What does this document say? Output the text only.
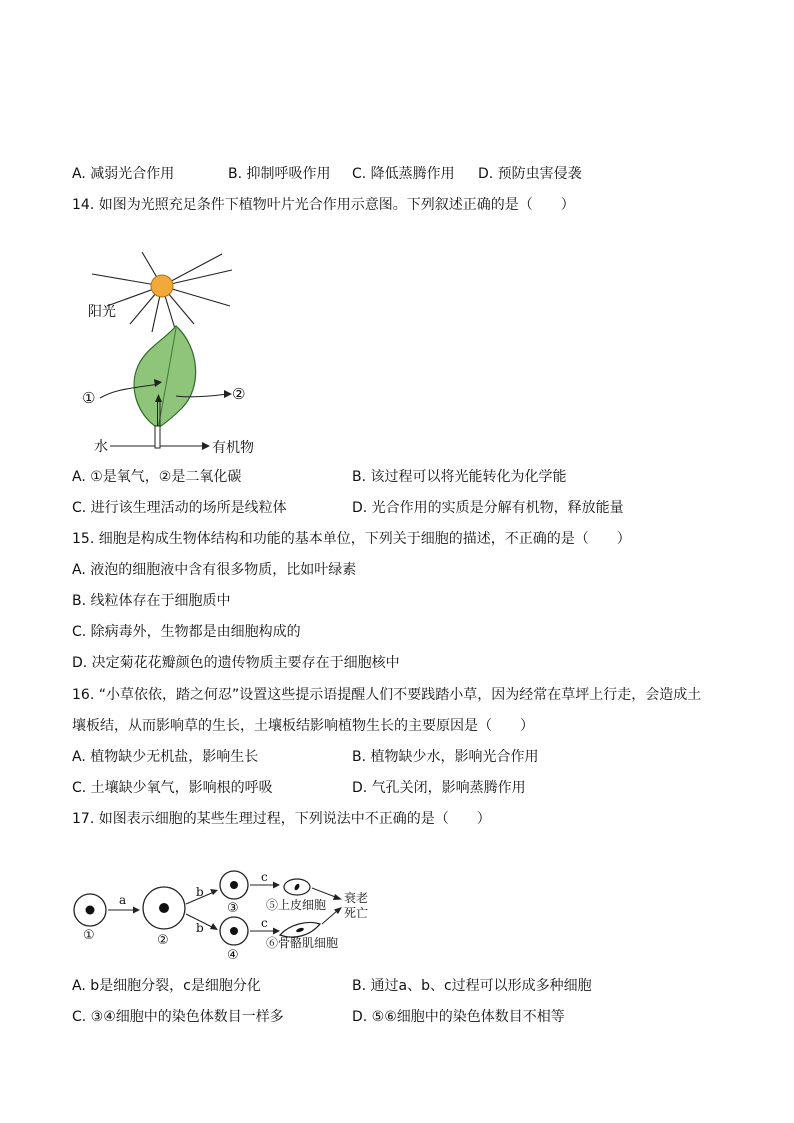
A. 减弱光合作用	B. 抑制呼吸作用 C. 降低蒸腾作用 D. 预防虫害侵袭
14. 如图为光照充足条件下植物叶片光合作用示意图。下列叙述正确的是（　　）
阳光
①	②
水	有机物
A. ①是氧气，②是二氧化碳	B. 该过程可以将光能转化为化学能
C. 进行该生理活动的场所是线粒体	D. 光合作用的实质是分解有机物，释放能量
15. 细胞是构成生物体结构和功能的基本单位，下列关于细胞的描述，不正确的是（　　）
A. 液泡的细胞液中含有很多物质，比如叶绿素
B. 线粒体存在于细胞质中
C. 除病毒外，生物都是由细胞构成的
D. 决定菊花花瓣颜色的遗传物质主要存在于细胞核中
16. “小草依依，踏之何忍”设置这些提示语提醒人们不要践踏小草，因为经常在草坪上行走，会造成土
壤板结，从而影响草的生长，土壤板结影响植物生长的主要原因是（　　）
A. 植物缺少无机盐，影响生长	B. 植物缺少水，影响光合作用
C. 土壤缺少氧气，影响根的呼吸	D. 气孔关闭，影响蒸腾作用
17. 如图表示细胞的某些生理过程，下列说法中不正确的是（　　）
①
a
②
b
b
③
④
c
c
⑤上皮细胞
⑥骨骼肌细胞
衰老
死亡
A. b是细胞分裂，c是细胞分化	B. 通过a、b、c过程可以形成多种细胞
C. ③④细胞中的染色体数目一样多	D. ⑤⑥细胞中的染色体数目不相等
